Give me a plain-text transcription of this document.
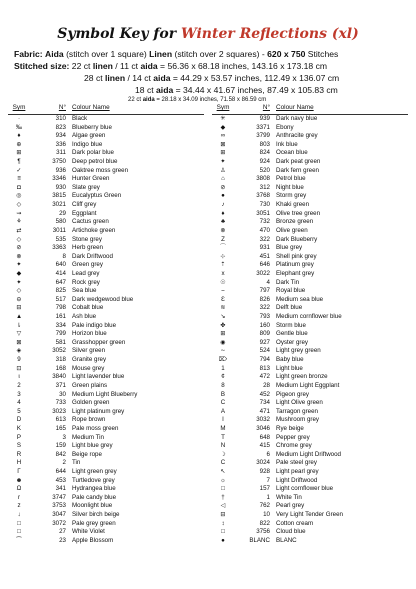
Symbol Key for Winter Reflections (xl)
Fabric: Aida (stitch over 1 square) Linen (stitch over 2 squares) - 620 x 750 Stitches
Stitched size: 22 ct linen / 11 ct aida = 56.36 x 68.18 inches, 143.16 x 173.18 cm
28 ct linen / 14 ct aida = 44.29 x 53.57 inches, 112.49 x 136.07 cm
18 ct aida = 34.44 x 41.67 inches, 87.49 x 105.83 cm
22 ct aida = 28.18 x 34.09 inches, 71.58 x 86.59 cm
Sym	N° Colour Name
·	310 Black
‰	823 Blueberry blue
♦	934 Algae green
⊕	336 Indigo blue
⊞	311 Dark polar blue
¶	3750 Deep petrol blue
✓	936 Oaktree moss green
≡	3346 Hunter Green
◘	930 Slate grey
◎	3815 Eucalyptus Green
◇	3021 Cliff grey
⇝	29 Eggplant
⚘	580 Cactus green
⇄	3011 Artichoke green
◇	535 Stone grey
⊘	3363 Herb green
⊗	8 Dark Driftwood
✦	640 Green grey
◆	414 Lead grey
✦	647 Rock grey
◇	825 Sea blue
⊖	517 Dark wedgewood blue
⊟	798 Cobalt blue
▲	161 Ash blue
⇂	334 Pale indigo blue
▽	799 Horizon blue
⊠	581 Grasshopper green
◈	3052 Silver green
9	318 Granite grey
⊡	168 Mouse grey
ι	3840 Light lavender blue
2	371 Green plains
3	30 Medium Light Blueberry
4	733 Golden green
5	3023 Light platinum grey
D	613 Rope brown
K	165 Pale moss green
P	3 Medium Tin
S	159 Light blue grey
R	842 Beige rope
H	2 Tin
Γ	644 Light green grey
☻	453 Turtledove grey
Ω	341 Hydrangea blue
r	3747 Pale candy blue
z	3753 Moonlight blue
↓	3047 Silver birch beige
□	3072 Pale grey green
□	27 White Violet
⁀	23 Apple Blossom
Sym	N° Colour Name
✳	939 Dark navy blue
◆	3371 Ebony
∞	3799 Anthracite grey
⊠	803 Ink blue
⊞	824 Ocean blue
✦	924 Dark peat green
♙	520 Dark fern green
⌂	3808 Petrol blue
⊘	312 Night blue
●	3768 Storm grey
♪	730 Khaki green
♦	3051 Olive tree green
♣	732 Bronze green
⊗	470 Olive green
Z	322 Dark Blueberry
⌒	931 Blue grey
⊹	451 Shell pink grey
⇡	646 Platinum grey
x	3022 Elephant grey
☉	4 Dark Tin
⌢	797 Royal blue
Ɛ	826 Medium sea blue
≋	322 Delft blue
↘	793 Medium cornflower blue
✤	160 Storm blue
⊞	809 Gentle blue
◉	927 Oyster grey
∼	524 Light grey green
⌦	794 Baby blue
1	813 Light blue
¢	472 Light green bronze
8	28 Medium Light Eggplant
B	452 Pigeon grey
C	734 Light Olive green
A	471 Tarragon green
I	3032 Mushroom grey
M	3046 Rye beige
T	648 Pepper grey
N	415 Chrome grey
☽	6 Medium Light Driftwood
C	3024 Pale steel grey
↖	928 Light pearl grey
☼	7 Light Driftwood
□	157 Light cornflower blue
†	1 White Tin
◁	762 Pearl grey
⊟	10 Very Light Tender Green
↕	822 Cotton cream
□	3756 Cloud blue
●	BLANC BLANC
